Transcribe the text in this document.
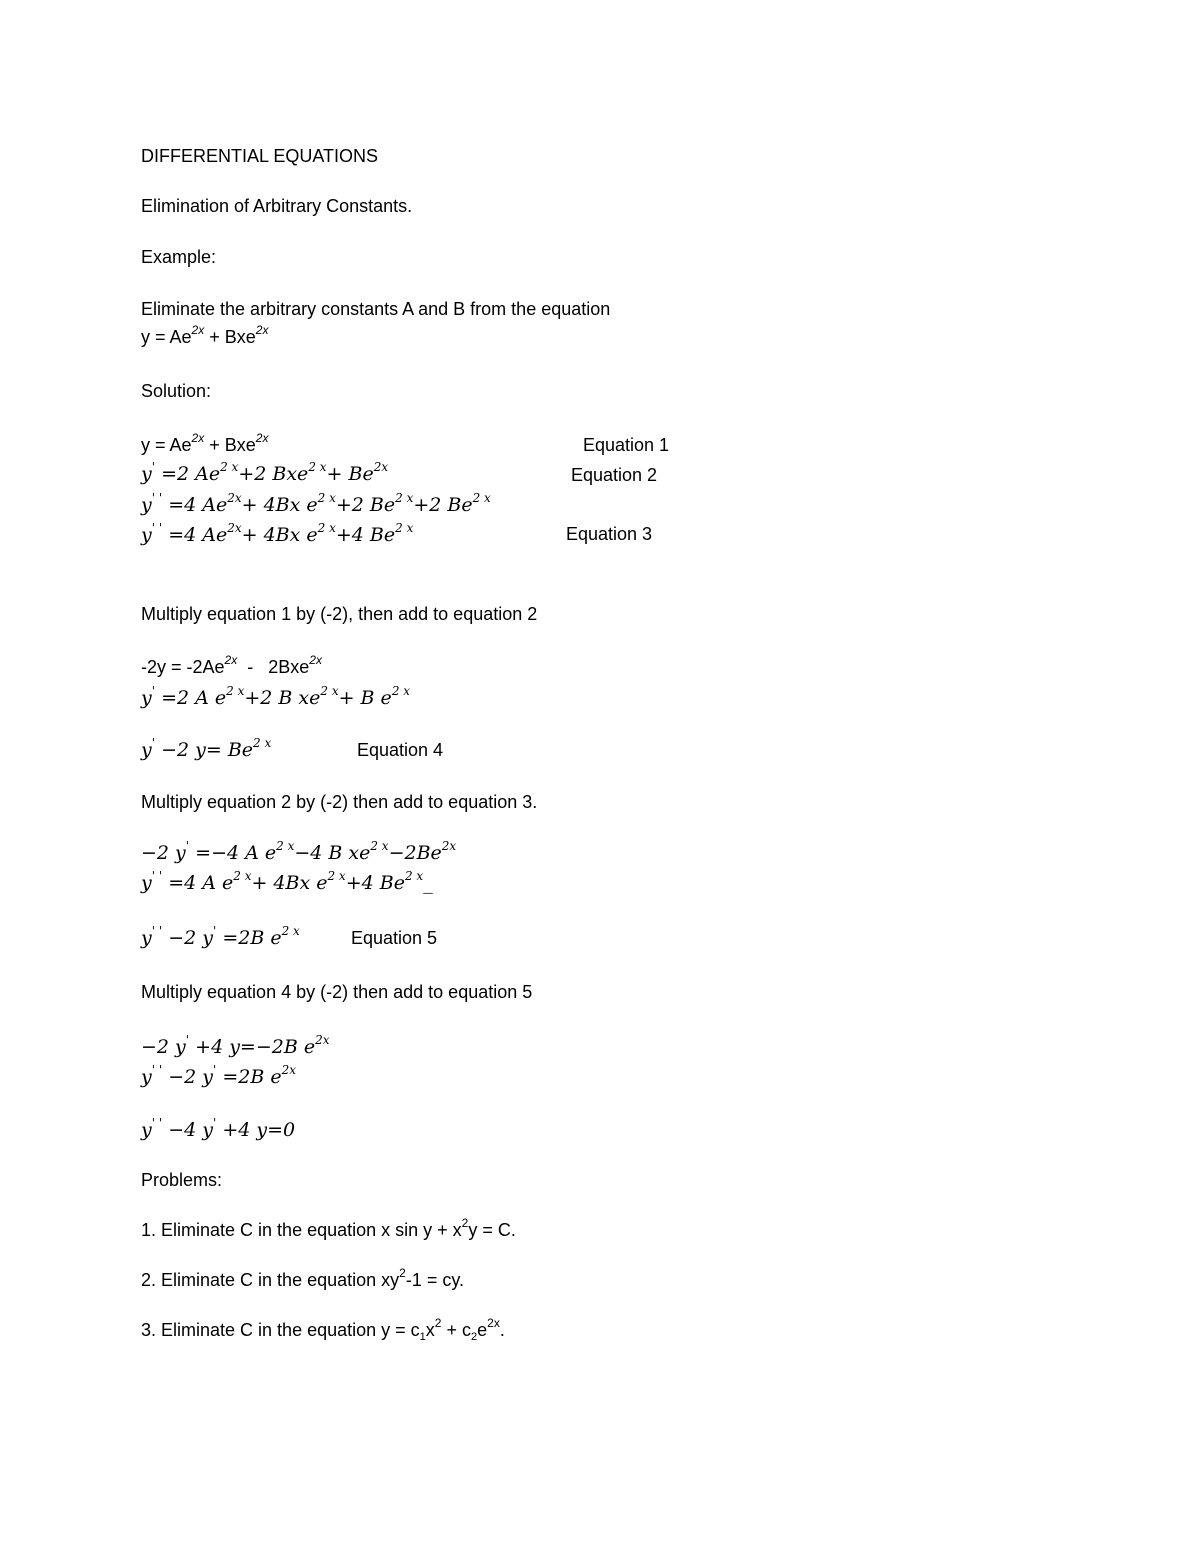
DIFFERENTIAL EQUATIONS
Elimination of Arbitrary Constants.
Example:
Eliminate the arbitrary constants A and B from the equation
$y = Ae^{2x} + Bxe^{2x}$
Solution:
$y = Ae^{2x} + Bxe^{2x}$	Equation 1
y' =2 $Ae^{2 x}+2$ $Bxe^{2 x}+ Be^{2x}$	Equation 2
y' ' =4 $Ae^{2x}+ 4Bx$ $e^{2 x}+2$ $Be^{2 x}+2$ $Be^{2 x}$
y' ' =4 $Ae^{2x}+ 4Bx$ $e^{2 x}+4$ $Be^{2 x}$	Equation 3
Multiply equation 1 by (-2), then add to equation 2
$-2y = -2Ae^{2x} - 2Bxe^{2x}$
y' =2 A $e^{2 x}+2$ B $xe^{2 x}+ B$ $e^{2 x}$
y' −2 $y= Be^{2 x}$	Equation 4
Multiply equation 2 by (-2) then add to equation 3.
−2 y' =−4 A $e^{2 x}-4$ B $xe^{2 x}-2Be^{2x}$
y' ' =4 A $e^{2 x}+ 4Bx$ $e^{2 x}+4$ $Be^{2 x}\_$
y' ' −2 y' =2B $e^{2 x}$	Equation 5
Multiply equation 4 by (-2) then add to equation 5
−2 y' +4 y=−2B $e^{2x}$
y' ' −2 y' =2B $e^{2x}$
y' ' −4 y' +4 y=0
Problems:
1. Eliminate C in the equation x $\sin y + x^2y = C$.
2. Eliminate C in the equation $xy^2-1$ = cy.
3. Eliminate C in the equation $y = c_1x^2 + c_2e^{2x}$.
